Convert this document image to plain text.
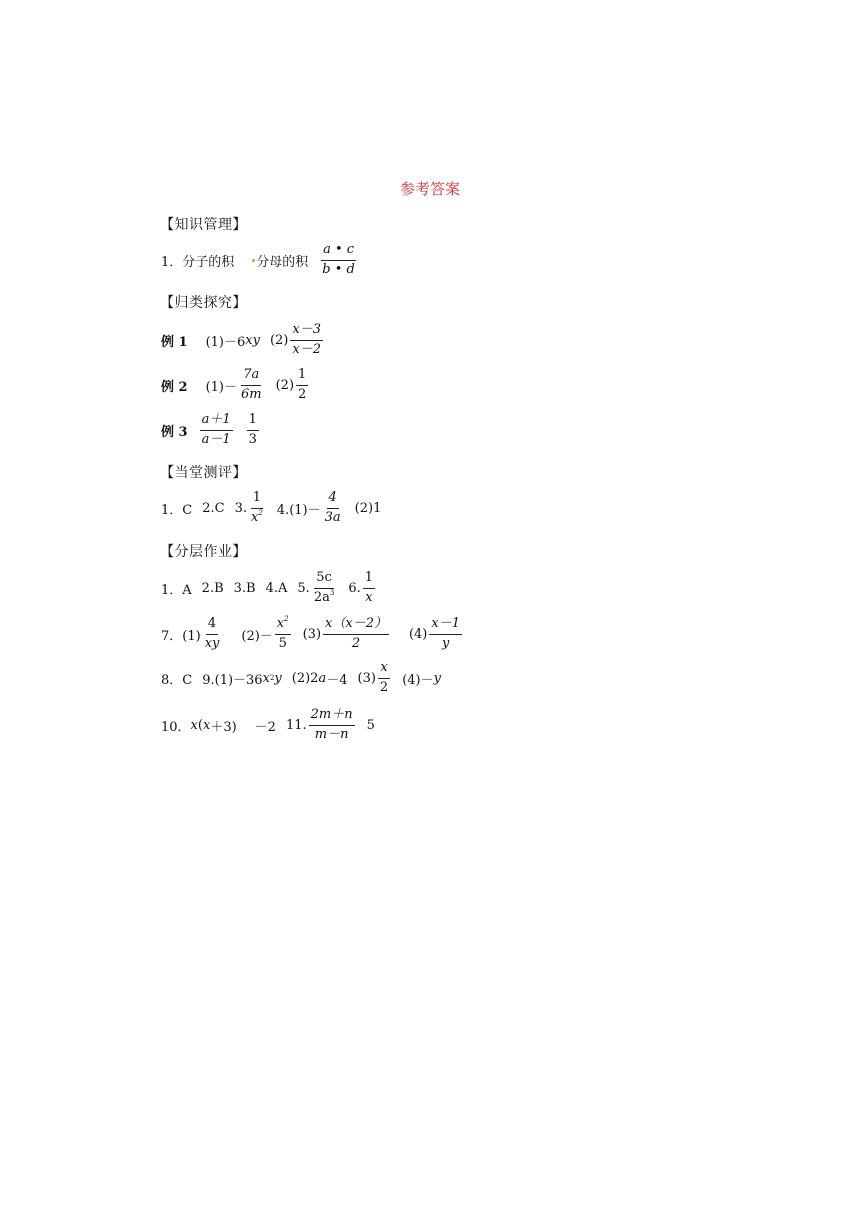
参考答案
【知识管理】
1．分子的积 分母的积 $\frac{a • c}{b • d}$
【归类探究】
例 1 (1)－6 xy $(2) \frac{x-3}{x-2}$
例 2 $(1)- \frac{7a}{6m} (2) \frac{1}{2}$
例 $3 \frac{a+1}{a-1} \frac{1}{3}$
【当堂测评】
1．C 2.C 3. $\frac{1}{x^2} 4.(1)- \frac{4}{3a} (2)1$
【分层作业】
1．A 2.B 3.B 4.A 5. $\frac{5c}{2a^3} 6$. $\frac{1}{x}$
7．$(1) \frac{4}{xy} (2)- \frac{x^2}{5} (3) \frac{x(x-2)}{2} (4) \frac{x-1}{y}$
8．C 9.(1)－36 x 2 y (2)2 a －4 $(3) \frac{x}{2} (4)- y$
10． x ( x ＋3) －2 11. $\frac{2m+n}{m-n} 5$
